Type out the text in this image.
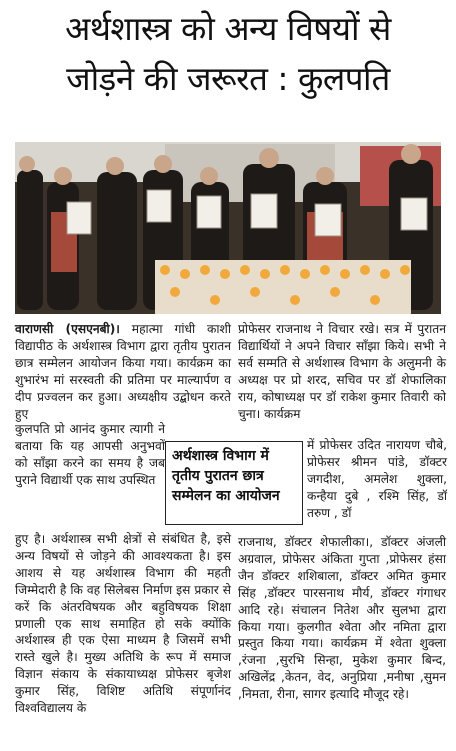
अर्थशास्त्र को अन्य विषयों से
जोड़ने की जरूरत : कुलपति
वाराणसी (एसएनबी)। महात्मा गांधी काशी विद्यापीठ के अर्थशास्त्र विभाग द्वारा तृतीय पुरातन छात्र सम्मेलन आयोजन किया गया। कार्यक्रम का शुभारंभ मां सरस्वती की प्रतिमा पर माल्यार्पण व दीप प्रज्वलन कर हुआ। अध्यक्षीय उद्बोधन करते हुए
कुलपति प्रो आनंद कुमार त्यागी ने बताया कि यह आपसी अनुभवों को साँझा करने का समय है जब पुराने विद्यार्थी एक साथ उपस्थित
हुए है। अर्थशास्त्र सभी क्षेत्रों से संबंधित है, इसे अन्य विषयों से जोड़ने की आवश्यकता है। इस आशय से यह अर्थशास्त्र विभाग की महती जिम्मेदारी है कि वह सिलेबस निर्माण इस प्रकार से करें कि अंतरविषयक और बहुविषयक शिक्षा प्रणाली एक साथ समाहित हो सके क्योंकि अर्थशास्त्र ही एक ऐसा माध्यम है जिसमें सभी रास्ते खुले है। मुख्य अतिथि के रूप में समाज विज्ञान संकाय के संकायाध्यक्ष प्रोफेसर बृजेश कुमार सिंह, विशिष्ट अतिथि संपूर्णानंद विश्वविद्यालय के
प्रोफेसर राजनाथ ने विचार रखे। सत्र में पुरातन विद्यार्थियों ने अपने विचार साँझा किये। सभी ने सर्व सम्मति से अर्थशास्त्र विभाग के अलुमनी के अध्यक्ष पर प्रो शरद, सचिव पर डॉ शेफालिका राय, कोषाध्यक्ष पर डॉ राकेश कुमार तिवारी को चुना। कार्यक्रम
में प्रोफेसर उदित नारायण चौबे, प्रोफेसर श्रीमन पांडे, डॉक्टर जगदीश, अमलेश शुक्ला, कन्हैया दुबे , रश्मि सिंह, डॉ तरुण , डॉ
राजनाथ, डॉक्टर शेफालीका।, डॉक्टर अंजली अग्रवाल, प्रोफेसर अंकिता गुप्ता ,प्रोफेसर हंसा जैन डॉक्टर शशिबाला, डॉक्टर अमित कुमार सिंह ,डॉक्टर पारसनाथ मौर्य, डॉक्टर गंगाधर आदि रहे। संचालन नितेश और सुलभा द्वारा किया गया। कुलगीत श्वेता और नमिता द्वारा प्रस्तुत किया गया। कार्यक्रम में श्वेता शुक्ला ,रंजना ,सुरभि सिन्हा, मुकेश कुमार बिन्द, अखिलेंद्र ,केतन, वेद, अनुप्रिया ,मनीषा ,सुमन ,निमता, रीना, सागर इत्यादि मौजूद रहे।
अर्थशास्त्र विभाग में
तृतीय पुरातन छात्र
सम्मेलन का आयोजन
